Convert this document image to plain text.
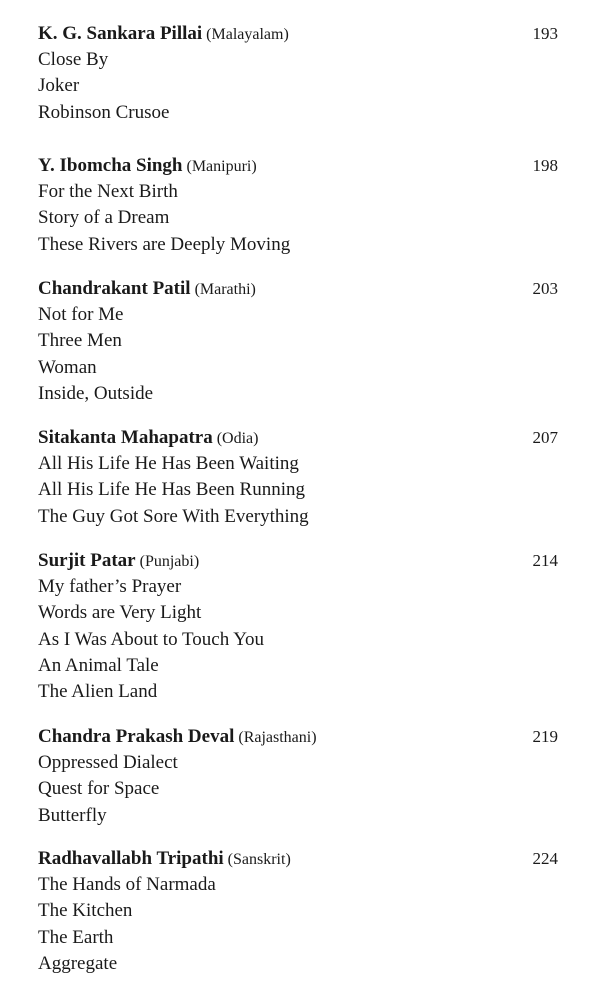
K. G. Sankara Pillai (Malayalam)	193
Close By
Joker
Robinson Crusoe
Y. Ibomcha Singh (Manipuri)	198
For the Next Birth
Story of a Dream
These Rivers are Deeply Moving
Chandrakant Patil (Marathi)	203
Not for Me
Three Men
Woman
Inside, Outside
Sitakanta Mahapatra (Odia)	207
All His Life He Has Been Waiting
All His Life He Has Been Running
The Guy Got Sore With Everything
Surjit Patar (Punjabi)	214
My father’s Prayer
Words are Very Light
As I Was About to Touch You
An Animal Tale
The Alien Land
Chandra Prakash Deval (Rajasthani)	219
Oppressed Dialect
Quest for Space
Butterfly
Radhavallabh Tripathi (Sanskrit)	224
The Hands of Narmada
The Kitchen
The Earth
Aggregate
